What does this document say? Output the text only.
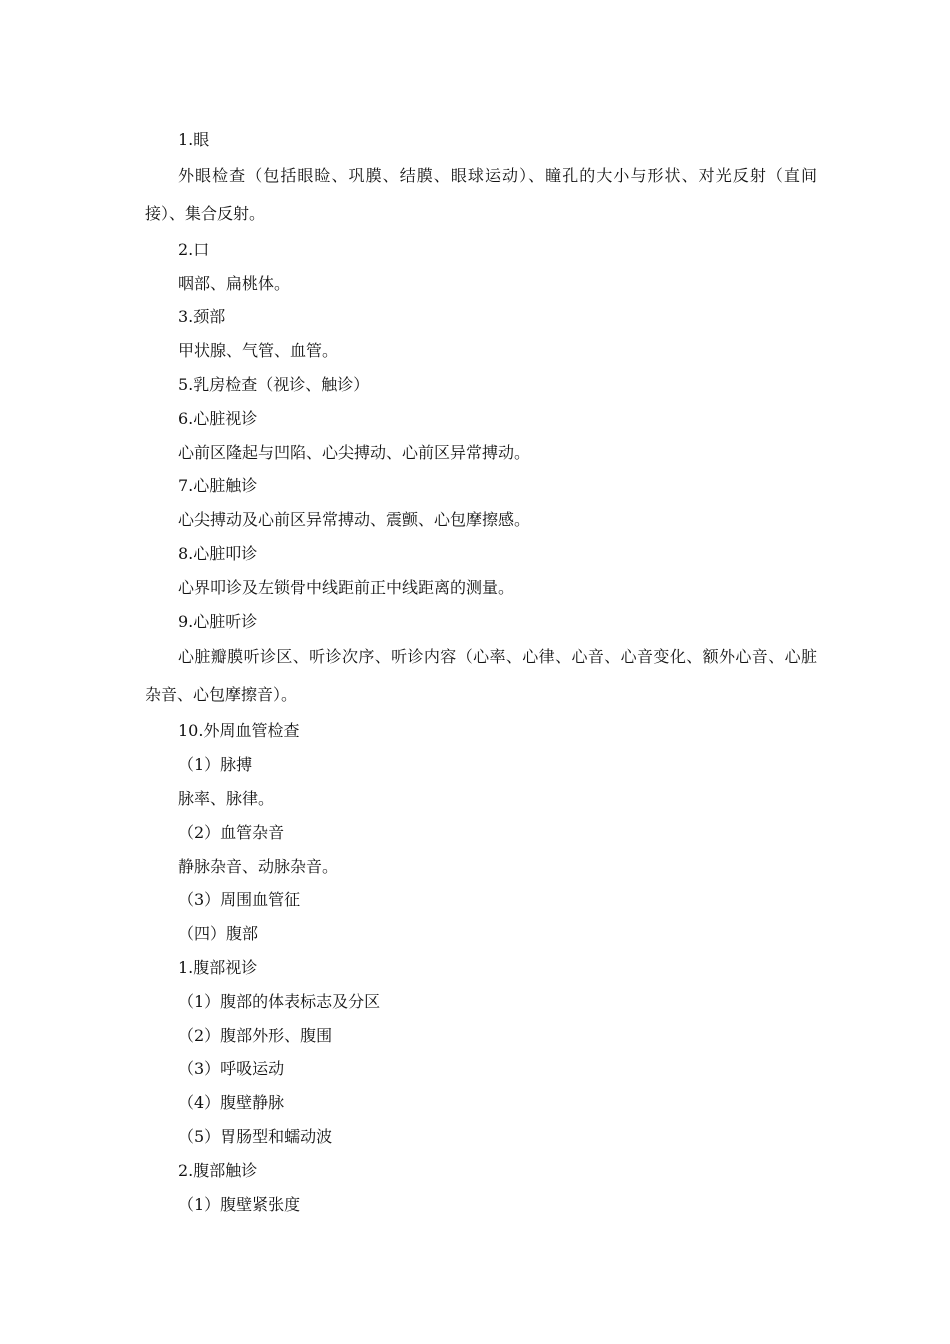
1.眼

外眼检查（包括眼睑、巩膜、结膜、眼球运动）、瞳孔的大小与形状、对光反射（直间接）、集合反射。

2.口

咽部、扁桃体。

3.颈部

甲状腺、气管、血管。

5.乳房检查（视诊、触诊）

6.心脏视诊

心前区隆起与凹陷、心尖搏动、心前区异常搏动。

7.心脏触诊

心尖搏动及心前区异常搏动、震颤、心包摩擦感。

8.心脏叩诊

心界叩诊及左锁骨中线距前正中线距离的测量。

9.心脏听诊

心脏瓣膜听诊区、听诊次序、听诊内容（心率、心律、心音、心音变化、额外心音、心脏杂音、心包摩擦音）。

10.外周血管检查

（1）脉搏

脉率、脉律。

（2）血管杂音

静脉杂音、动脉杂音。

（3）周围血管征

（四）腹部

1.腹部视诊

（1）腹部的体表标志及分区

（2）腹部外形、腹围

（3）呼吸运动

（4）腹壁静脉

（5）胃肠型和蠕动波

2.腹部触诊

（1）腹壁紧张度
